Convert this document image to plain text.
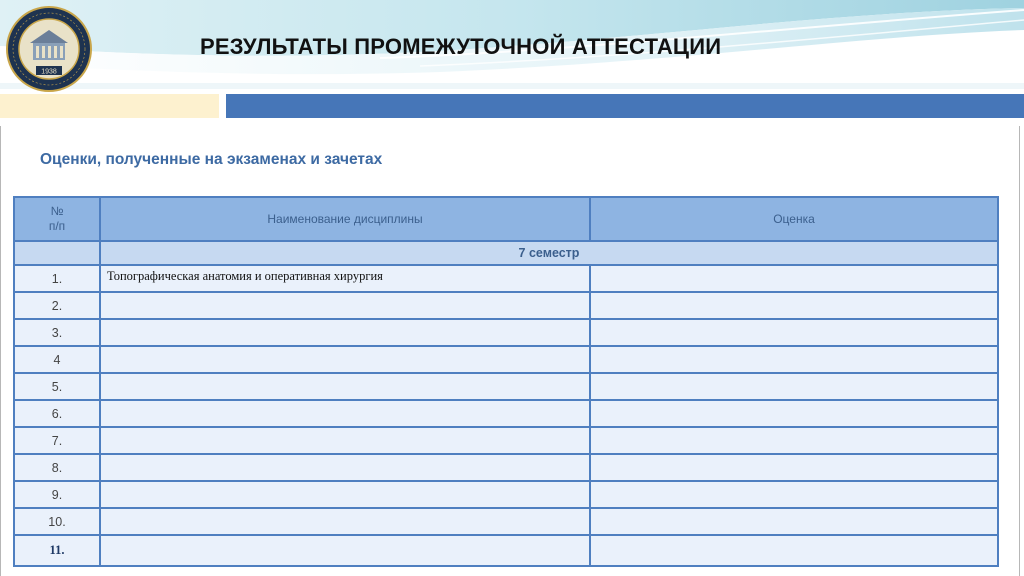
1938
РЕЗУЛЬТАТЫ ПРОМЕЖУТОЧНОЙ АТТЕСТАЦИИ
Оценки, полученные на экзаменах и зачетах
№
п/п	Наименование дисциплины	Оценка
	7 семестр	
1.	Топографическая анатомия и оперативная хирургия	
2.		
3.		
4		
5.		
6.		
7.		
8.		
9.		
10.		
11.		
